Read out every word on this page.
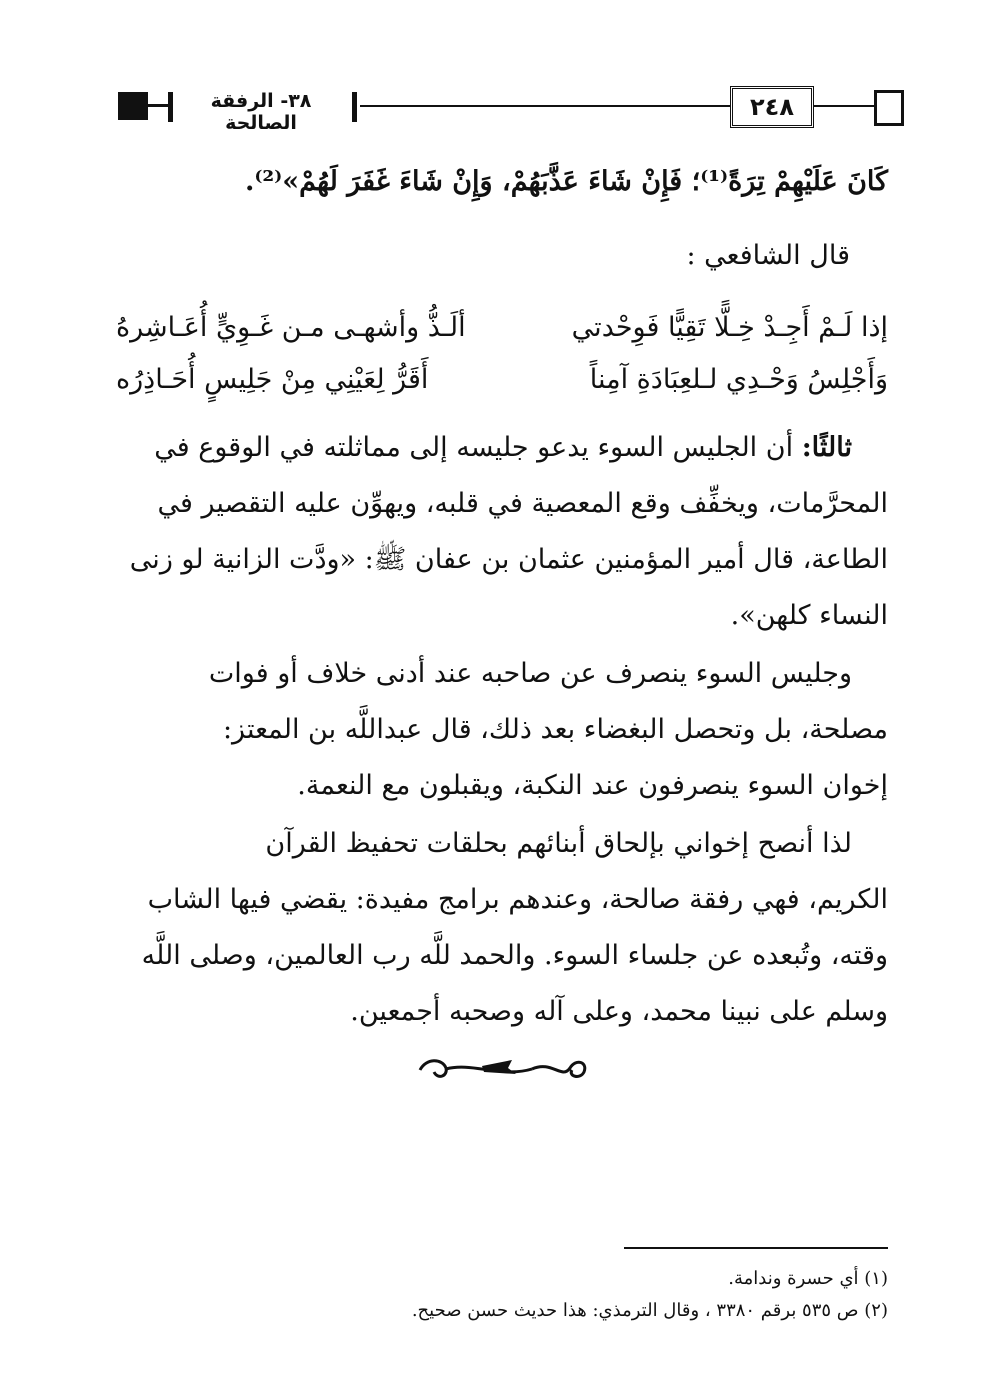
٣٨- الرفقة الصالحة
٢٤٨
كَانَ عَلَيْهِمْ تِرَةً⁽¹⁾؛ فَإِنْ شَاءَ عَذَّبَهُمْ، وَإِنْ شَاءَ غَفَرَ لَهُمْ»⁽²⁾.
قال الشافعي :
إذا لَـمْ أَجِـدْ خِـلًّا تَقِيًّا فَوِحْدتي
ألَـذُّ وأشهـى مـن غَـوِيٍّ أُعَـاشِرهُ
وَأَجْلِسُ وَحْـدِي لـلعِبَادَةِ آمِناً
أَقَرُّ لِعَيْنِي مِنْ جَلِيسٍ أُحَـاذِرُه
ثالثًا: أن الجليس السوء يدعو جليسه إلى مماثلته في الوقوع في
المحرَّمات، ويخفِّف وقع المعصية في قلبه، ويهوِّن عليه التقصير في
الطاعة، قال أمير المؤمنين عثمان بن عفان ﷺ: «ودَّت الزانية لو زنى
النساء كلهن».
وجليس السوء ينصرف عن صاحبه عند أدنى خلاف أو فوات
مصلحة، بل وتحصل البغضاء بعد ذلك، قال عبداللَّه بن المعتز:
إخوان السوء ينصرفون عند النكبة، ويقبلون مع النعمة.
لذا أنصح إخواني بإلحاق أبنائهم بحلقات تحفيظ القرآن
الكريم، فهي رفقة صالحة، وعندهم برامج مفيدة: يقضي فيها الشاب
وقته، وتُبعده عن جلساء السوء. والحمد للَّه رب العالمين، وصلى اللَّه
وسلم على نبينا محمد، وعلى آله وصحبه أجمعين.
(١) أي حسرة وندامة.
(٢) ص ٥٣٥ برقم ٣٣٨٠ ، وقال الترمذي: هذا حديث حسن صحيح.
